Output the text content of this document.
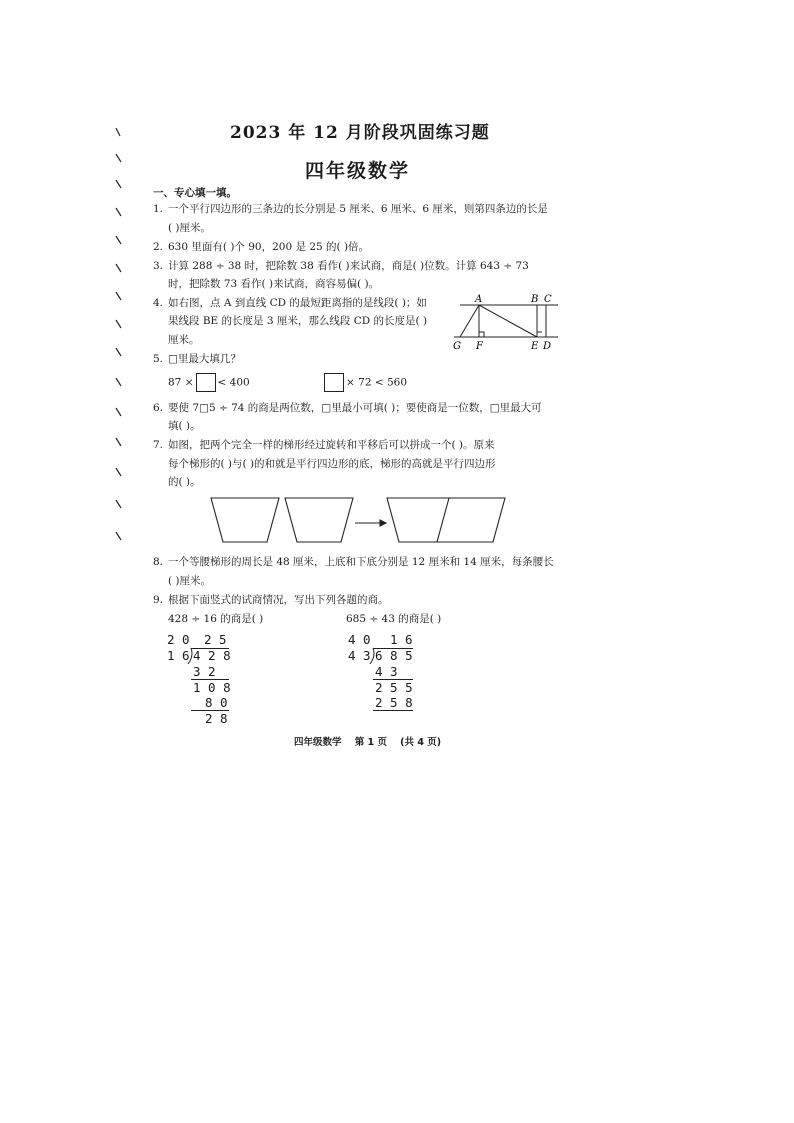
2023 年 12 月阶段巩固练习题
四年级数学
一、专心填一填。
1. 一个平行四边形的三条边的长分别是 5 厘米、6 厘米、6 厘米，则第四条边的长是
( )厘米。
2. 630 里面有( )个 90，200 是 25 的( )倍。
3. 计算 288 ÷ 38 时，把除数 38 看作( )来试商，商是( )位数。计算 643 ÷ 73
时，把除数 73 看作( )来试商，商容易偏( )。
4. 如右图，点 A 到直线 CD 的最短距离指的是线段( )；如
果线段 BE 的长度是 3 厘米，那么线段 CD 的长度是( )
厘米。
A	B C
G F	E D
5. □里最大填几？
87 × < 400	× 72 < 560
6. 要使 7□5 ÷ 74 的商是两位数，□里最小可填( )；要使商是一位数，□里最大可
填( )。
7. 如图，把两个完全一样的梯形经过旋转和平移后可以拼成一个( )。原来
每个梯形的( )与( )的和就是平行四边形的底，梯形的高就是平行四边形
的( )。
8. 一个等腰梯形的周长是 48 厘米，上底和下底分别是 12 厘米和 14 厘米，每条腰长
( )厘米。
9. 根据下面竖式的试商情况，写出下列各题的商。
428 ÷ 16 的商是( )	685 ÷ 43 的商是( )
2 0 2 5
1 6 4 2 8
3 2
1 0 8
8 0
2 8
4 0 1 6
4 3 6 8 5
4 3
2 5 5
2 5 8
四年级数学    第 1 页    (共 4 页)
